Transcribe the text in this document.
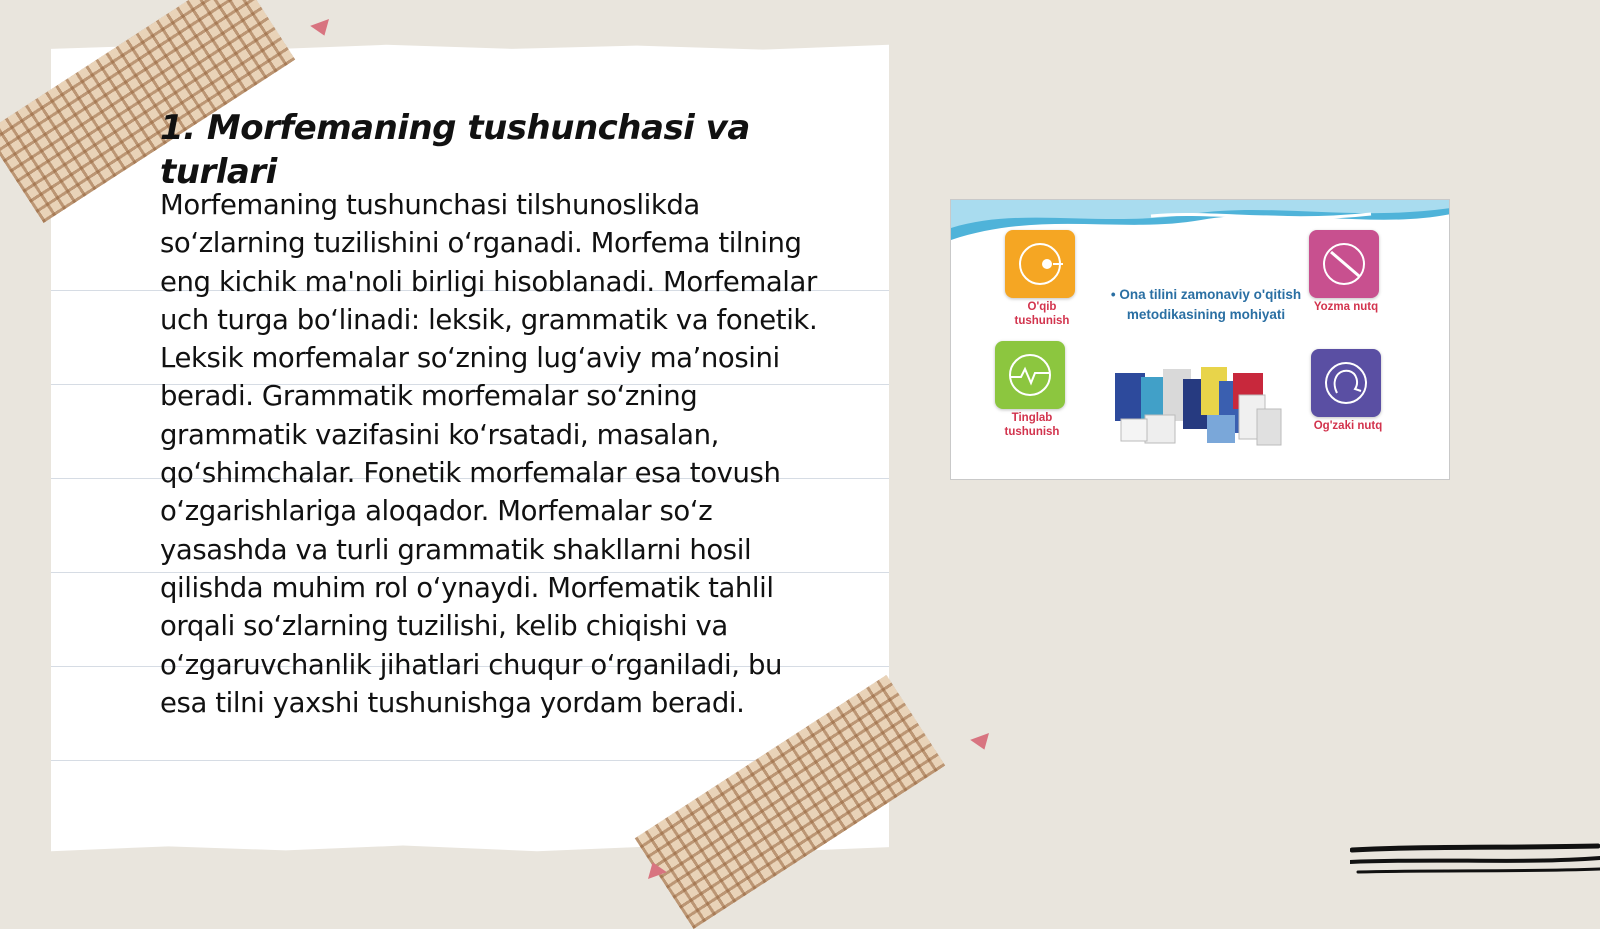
1. Morfemaning tushunchasi va turlari

Morfemaning tushunchasi tilshunoslikda so‘zlarning tuzilishini o‘rganadi. Morfema tilning eng kichik ma'noli birligi hisoblanadi. Morfemalar uch turga bo‘linadi: leksik, grammatik va fonetik. Leksik morfemalar so‘zning lug‘aviy ma’nosini beradi. Grammatik morfemalar so‘zning grammatik vazifasini ko‘rsatadi, masalan, qo‘shimchalar. Fonetik morfemalar esa tovush o‘zgarishlariga aloqador. Morfemalar so‘z yasashda va turli grammatik shakllarni hosil qilishda muhim rol o‘ynaydi. Morfematik tahlil orqali so‘zlarning tuzilishi, kelib chiqishi va o‘zgaruvchanlik jihatlari chuqur o‘rganiladi, bu esa tilni yaxshi tushunishga yordam beradi.

O'qib tushunish
Yozma nutq
Tinglab tushunish	Og'zaki nutq
• Ona tilini zamonaviy o'qitish metodikasining mohiyati
